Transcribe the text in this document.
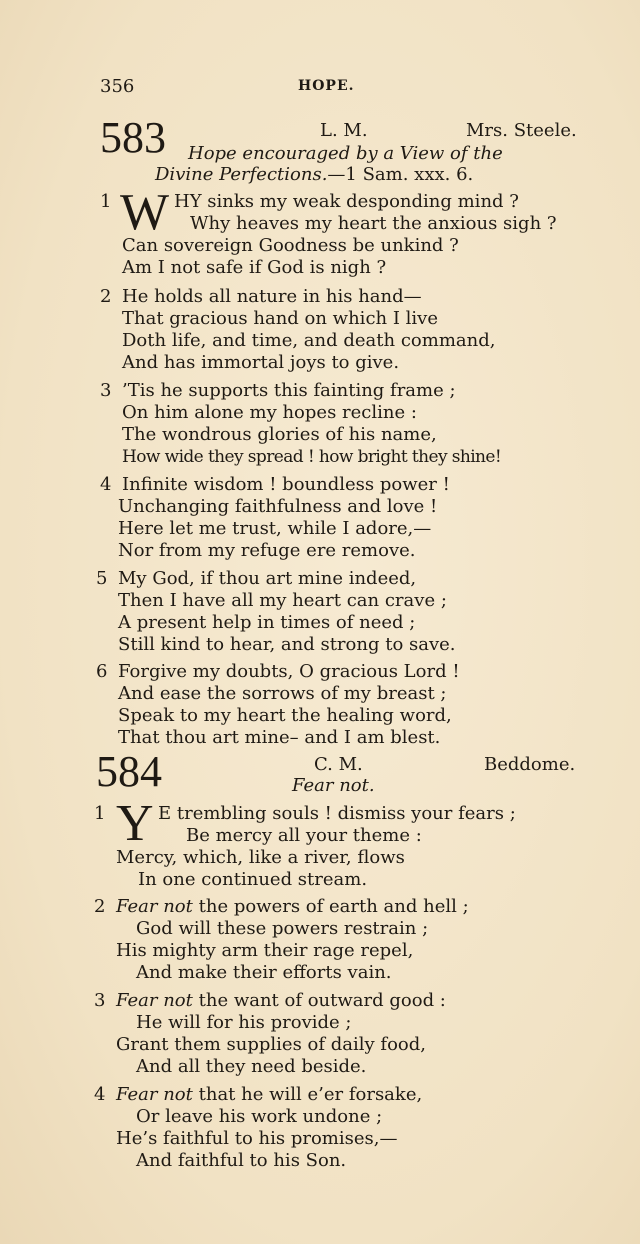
356	HOPE.
583	L. M.	Mrs. Steele.
Hope encouraged by a View of the
Divine Perfections.—1 Sam. xxx. 6.
1 W HY sinks my weak desponding mind ?
Why heaves my heart the anxious sigh ?
Can sovereign Goodness be unkind ?
Am I not safe if God is nigh ?
2 He holds all nature in his hand—
That gracious hand on which I live
Doth life, and time, and death command,
And has immortal joys to give.
3 ’Tis he supports this fainting frame ;
On him alone my hopes recline :
The wondrous glories of his name,
How wide they spread ! how bright they shine!
4 Infinite wisdom ! boundless power !
Unchanging faithfulness and love !
Here let me trust, while I adore,—
Nor from my refuge ere remove.
5 My God, if thou art mine indeed,
Then I have all my heart can crave ;
A present help in times of need ;
Still kind to hear, and strong to save.
6 Forgive my doubts, O gracious Lord !
And ease the sorrows of my breast ;
Speak to my heart the healing word,
That thou art mine– and I am blest.
584	C. M.	Beddome.
Fear not.
1 Y E trembling souls ! dismiss your fears ;
Be mercy all your theme :
Mercy, which, like a river, flows
In one continued stream.
2 Fear not the powers of earth and hell ;
God will these powers restrain ;
His mighty arm their rage repel,
And make their efforts vain.
3 Fear not the want of outward good :
He will for his provide ;
Grant them supplies of daily food,
And all they need beside.
4 Fear not that he will e’er forsake,
Or leave his work undone ;
He’s faithful to his promises,—
And faithful to his Son.
